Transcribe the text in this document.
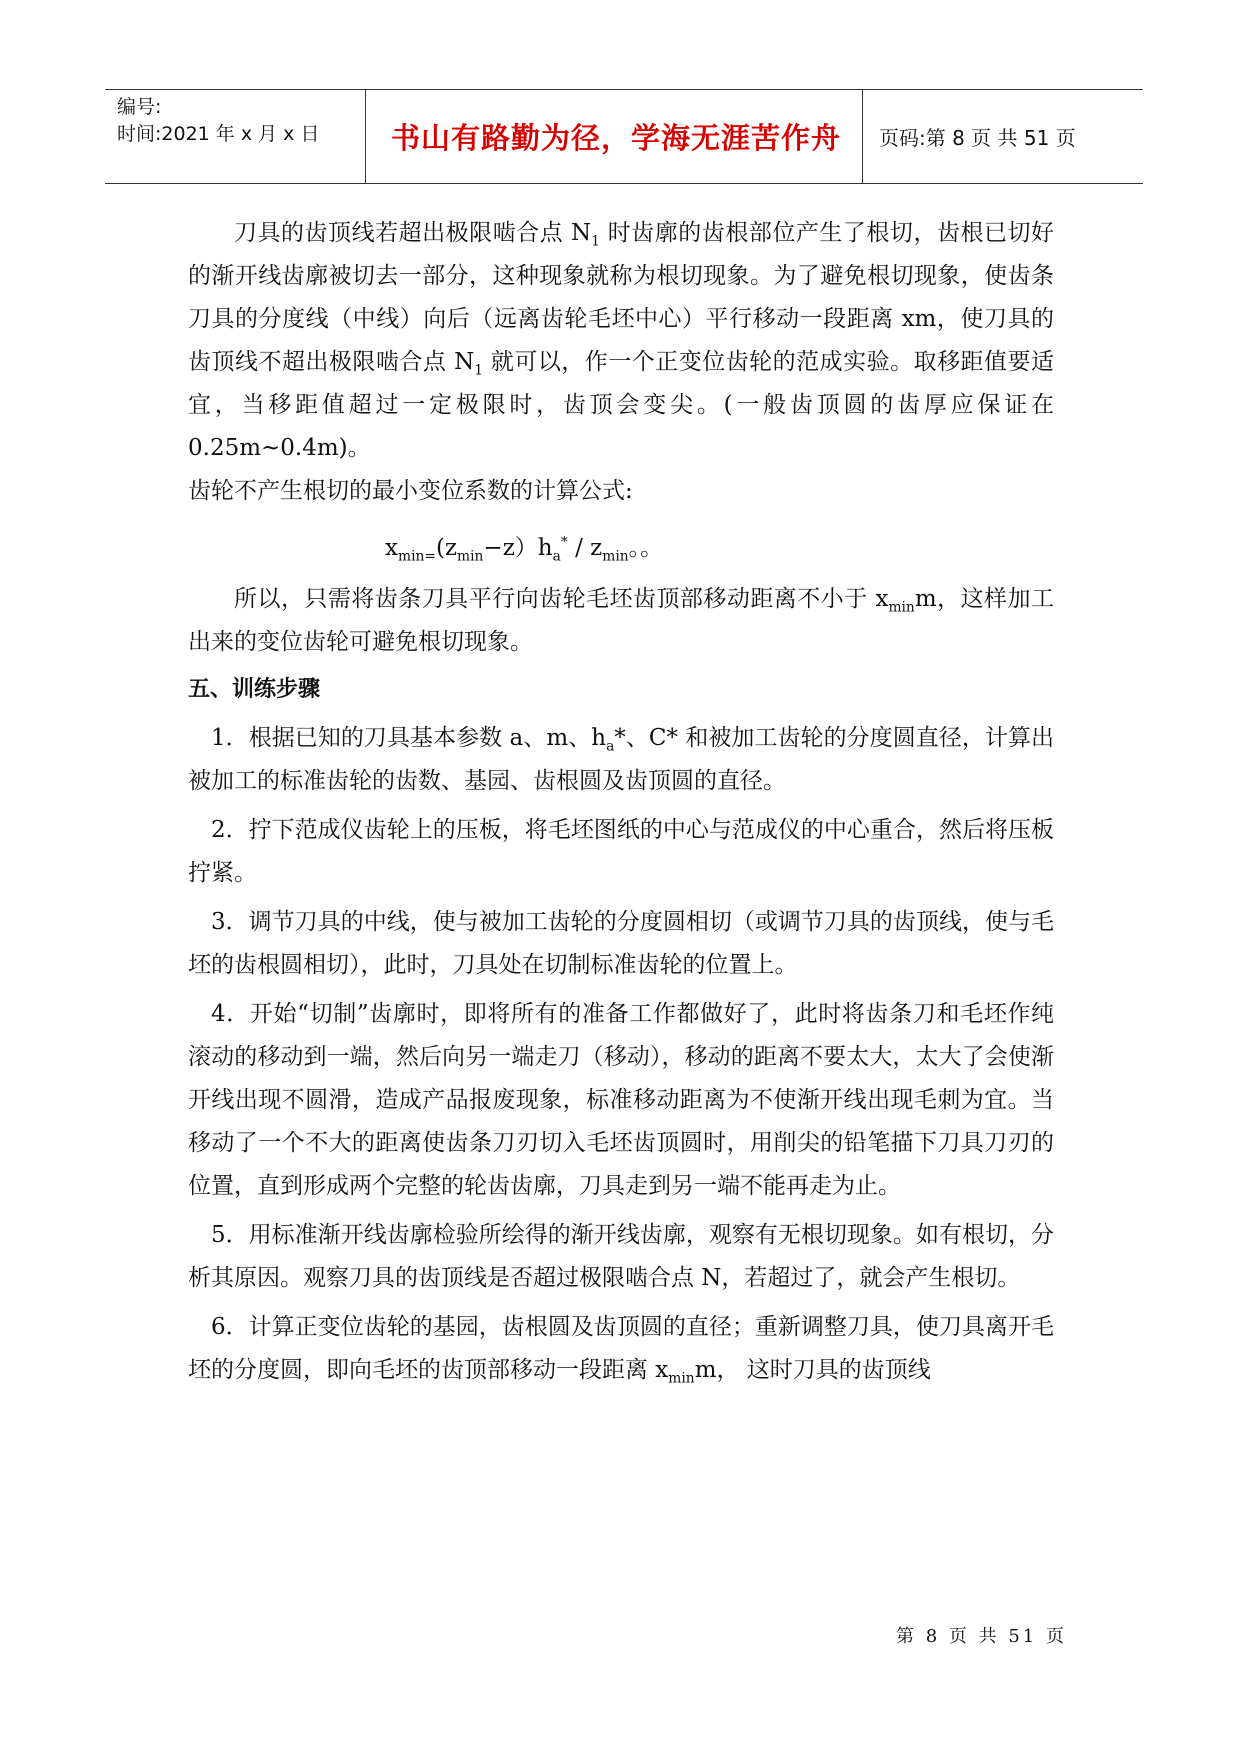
编号:
时间:2021 年 x 月 x 日	书山有路勤为径，学海无涯苦作舟	页码:第 8 页 共 51 页

刀具的齿顶线若超出极限啮合点 $N_1$ 时齿廓的齿根部位产生了根切，齿根已切好的渐开线齿廓被切去一部分，这种现象就称为根切现象。为了避免根切现象，使齿条刀具的分度线（中线）向后（远离齿轮毛坯中心）平行移动一段距离 xm，使刀具的齿顶线不超出极限啮合点 $N_1$ 就可以，作一个正变位齿轮的范成实验。取移距值要适宜，当移距值超过一定极限时，齿顶会变尖。(一般齿顶圆的齿厚应保证在 0.25m~0.4m)。

齿轮不产生根切的最小变位系数的计算公式:

$x_{min=}(z_{min}-z)h_a^* / z_{min}$。。

所以，只需将齿条刀具平行向齿轮毛坯齿顶部移动距离不小于 $x_{min}m$，这样加工出来的变位齿轮可避免根切现象。

五、训练步骤

1．根据已知的刀具基本参数 a、m、$h_a*$、C* 和被加工齿轮的分度圆直径，计算出被加工的标准齿轮的齿数、基园、齿根圆及齿顶圆的直径。

2．拧下范成仪齿轮上的压板，将毛坯图纸的中心与范成仪的中心重合，然后将压板拧紧。

3．调节刀具的中线，使与被加工齿轮的分度圆相切（或调节刀具的齿顶线，使与毛坯的齿根圆相切），此时，刀具处在切制标准齿轮的位置上。

4．开始“切制”齿廓时，即将所有的准备工作都做好了，此时将齿条刀和毛坯作纯滚动的移动到一端，然后向另一端走刀（移动），移动的距离不要太大，太大了会使渐开线出现不圆滑，造成产品报废现象，标准移动距离为不使渐开线出现毛刺为宜。当移动了一个不大的距离使齿条刀刃切入毛坯齿顶圆时，用削尖的铅笔描下刀具刀刃的位置，直到形成两个完整的轮齿齿廓，刀具走到另一端不能再走为止。

5．用标准渐开线齿廓检验所绘得的渐开线齿廓，观察有无根切现象。如有根切，分析其原因。观察刀具的齿顶线是否超过极限啮合点 N，若超过了，就会产生根切。

6．计算正变位齿轮的基园，齿根圆及齿顶圆的直径；重新调整刀具，使刀具离开毛坯的分度圆，即向毛坯的齿顶部移动一段距离 $x_{min}m$， 这时刀具的齿顶线

第 8 页 共 51 页
